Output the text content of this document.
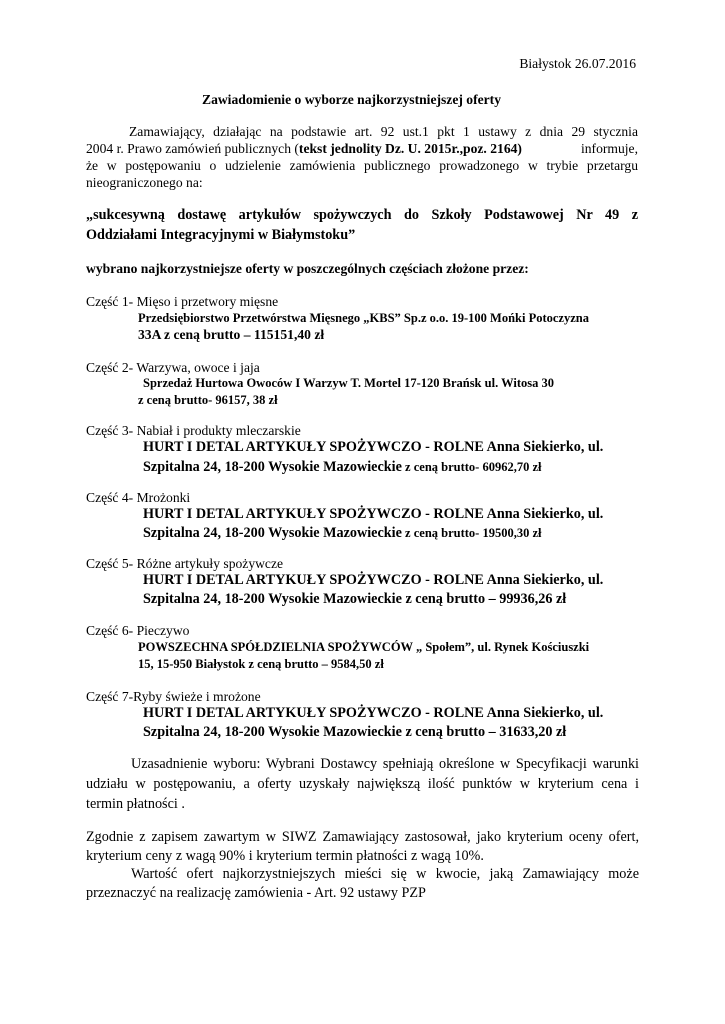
Białystok 26.07.2016
Zawiadomienie o wyborze najkorzystniejszej oferty
Zamawiający, działając na podstawie art. 92 ust.1 pkt 1 ustawy z dnia 29 stycznia
2004 r. Prawo zamówień publicznych (tekst jednolity Dz. U. 2015r.,poz. 2164)	informuje,
że w postępowaniu o udzielenie zamówienia publicznego prowadzonego w trybie przetargu
nieograniczonego na:
„sukcesywną dostawę artykułów spożywczych do Szkoły Podstawowej Nr 49 z
Oddziałami Integracyjnymi w Białymstoku”
wybrano najkorzystniejsze oferty w poszczególnych częściach złożone przez:
Część 1- Mięso i przetwory mięsne
Przedsiębiorstwo Przetwórstwa Mięsnego „KBS” Sp.z o.o. 19-100 Mońki Potoczyzna
33A z ceną brutto – 115151,40 zł
Część 2- Warzywa, owoce i jaja
Sprzedaż Hurtowa Owoców I Warzyw T. Mortel 17-120 Brańsk ul. Witosa 30
z ceną brutto- 96157, 38 zł
Część 3- Nabiał i produkty mleczarskie
HURT I DETAL ARTYKUŁY SPOŻYWCZO - ROLNE Anna Siekierko, ul.
Szpitalna 24, 18-200 Wysokie Mazowieckie z ceną brutto- 60962,70 zł
Część 4- Mrożonki
HURT I DETAL ARTYKUŁY SPOŻYWCZO - ROLNE Anna Siekierko, ul.
Szpitalna 24, 18-200 Wysokie Mazowieckie z ceną brutto- 19500,30 zł
Część 5- Różne artykuły spożywcze
HURT I DETAL ARTYKUŁY SPOŻYWCZO - ROLNE Anna Siekierko, ul.
Szpitalna 24, 18-200 Wysokie Mazowieckie z ceną brutto – 99936,26 zł
Część 6- Pieczywo
POWSZECHNA SPÓŁDZIELNIA SPOŻYWCÓW „ Społem”, ul. Rynek Kościuszki
15, 15-950 Białystok z ceną brutto – 9584,50 zł
Część 7-Ryby świeże i mrożone
HURT I DETAL ARTYKUŁY SPOŻYWCZO - ROLNE Anna Siekierko, ul.
Szpitalna 24, 18-200 Wysokie Mazowieckie z ceną brutto – 31633,20 zł
Uzasadnienie wyboru: Wybrani Dostawcy spełniają określone w Specyfikacji warunki
udziału w postępowaniu, a oferty uzyskały największą ilość punktów w kryterium cena i
termin płatności .
Zgodnie z zapisem zawartym w SIWZ Zamawiający zastosował, jako kryterium oceny ofert,
kryterium ceny z wagą 90% i kryterium termin płatności z wagą 10%.
Wartość ofert najkorzystniejszych mieści się w kwocie, jaką Zamawiający może
przeznaczyć na realizację zamówienia - Art. 92 ustawy PZP
